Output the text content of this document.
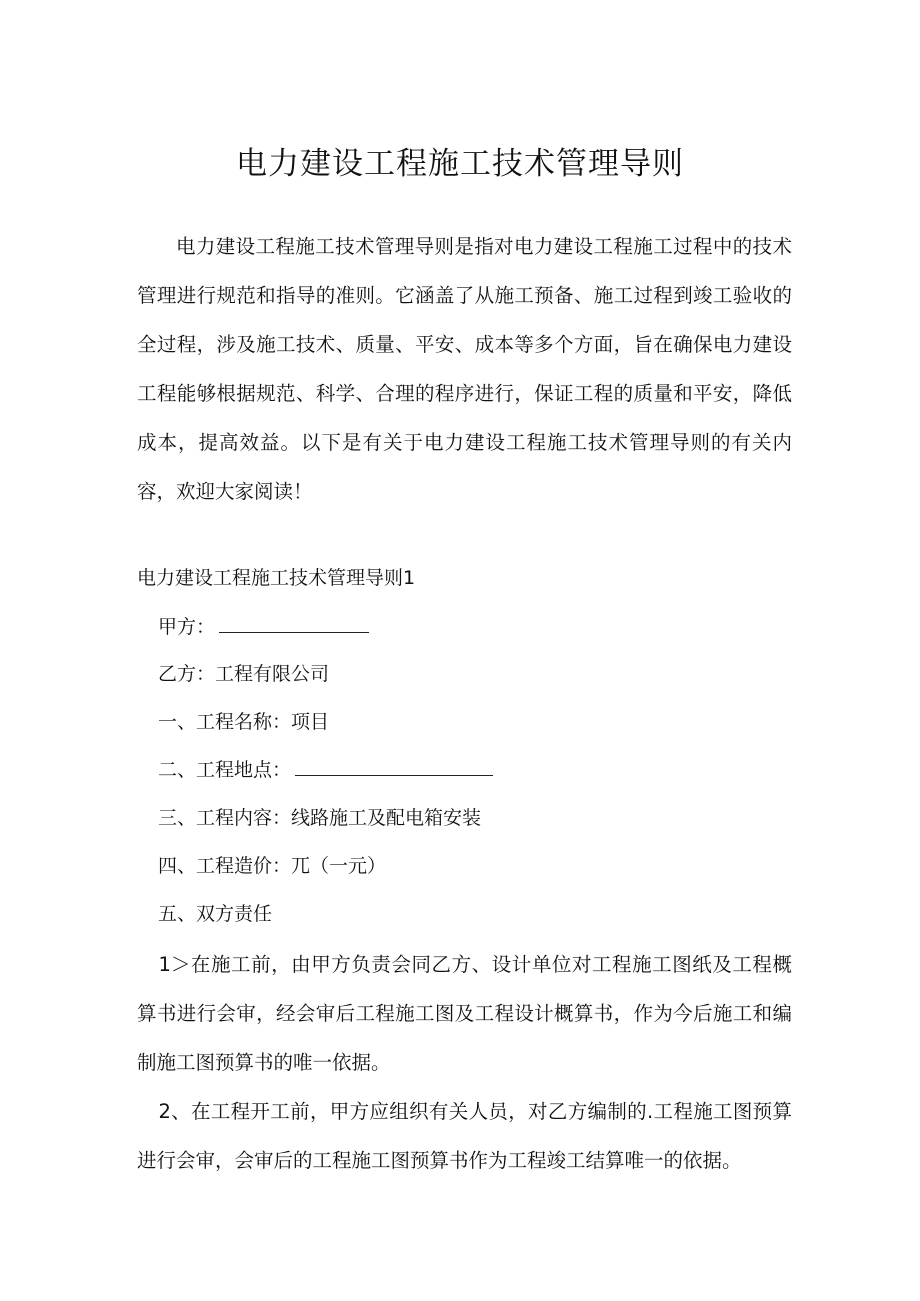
电力建设工程施工技术管理导则

电力建设工程施工技术管理导则是指对电力建设工程施工过程中的技术管理进行规范和指导的准则。它涵盖了从施工预备、施工过程到竣工验收的全过程，涉及施工技术、质量、平安、成本等多个方面，旨在确保电力建设工程能够根据规范、科学、合理的程序进行，保证工程的质量和平安，降低成本，提高效益。以下是有关于电力建设工程施工技术管理导则的有关内容，欢迎大家阅读！

电力建设工程施工技术管理导则1

甲方：

乙方：工程有限公司

一、工程名称：项目

二、工程地点：

三、工程内容：线路施工及配电箱安装

四、工程造价：兀（一元）

五、双方责任

1＞在施工前，由甲方负责会同乙方、设计单位对工程施工图纸及工程概算书进行会审，经会审后工程施工图及工程设计概算书，作为今后施工和编制施工图预算书的唯一依据。

2、在工程开工前，甲方应组织有关人员，对乙方编制的.工程施工图预算进行会审，会审后的工程施工图预算书作为工程竣工结算唯一的依据。
